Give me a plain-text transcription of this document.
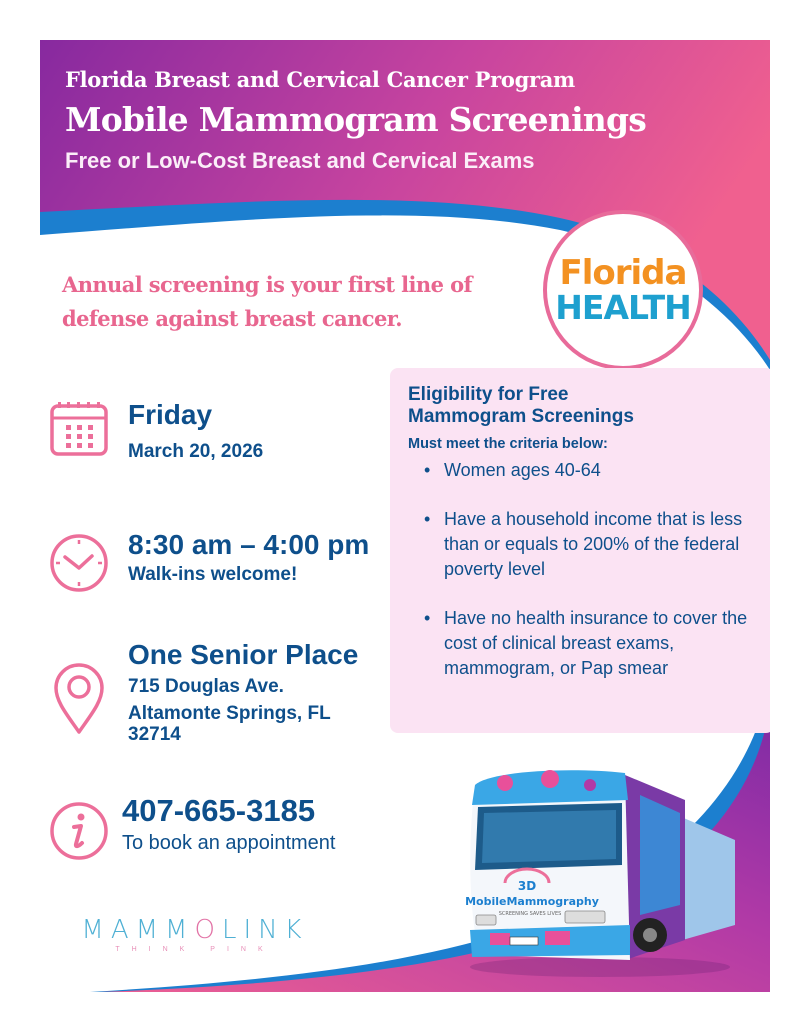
Florida Breast and Cervical Cancer Program
Mobile Mammogram Screenings
Free or Low-Cost Breast and Cervical Exams
Annual screening is your first line of defense against breast cancer.
Florida
HEALTH
Friday
March 20, 2026
8:30 am – 4:00 pm
Walk-ins welcome!
One Senior Place
715 Douglas Ave.
Altamonte Springs, FL
32714
407-665-3185
To book an appointment
Eligibility for Free
Mammogram Screenings
Must meet the criteria below:
• Women ages 40-64
• Have a household income that is less than or equals to 200% of the federal poverty level
• Have no health insurance to cover the cost of clinical breast exams, mammogram, or Pap smear
3D
MobileMammography
SCREENING SAVES LIVES
MAMMOLINK
THINK PINK
